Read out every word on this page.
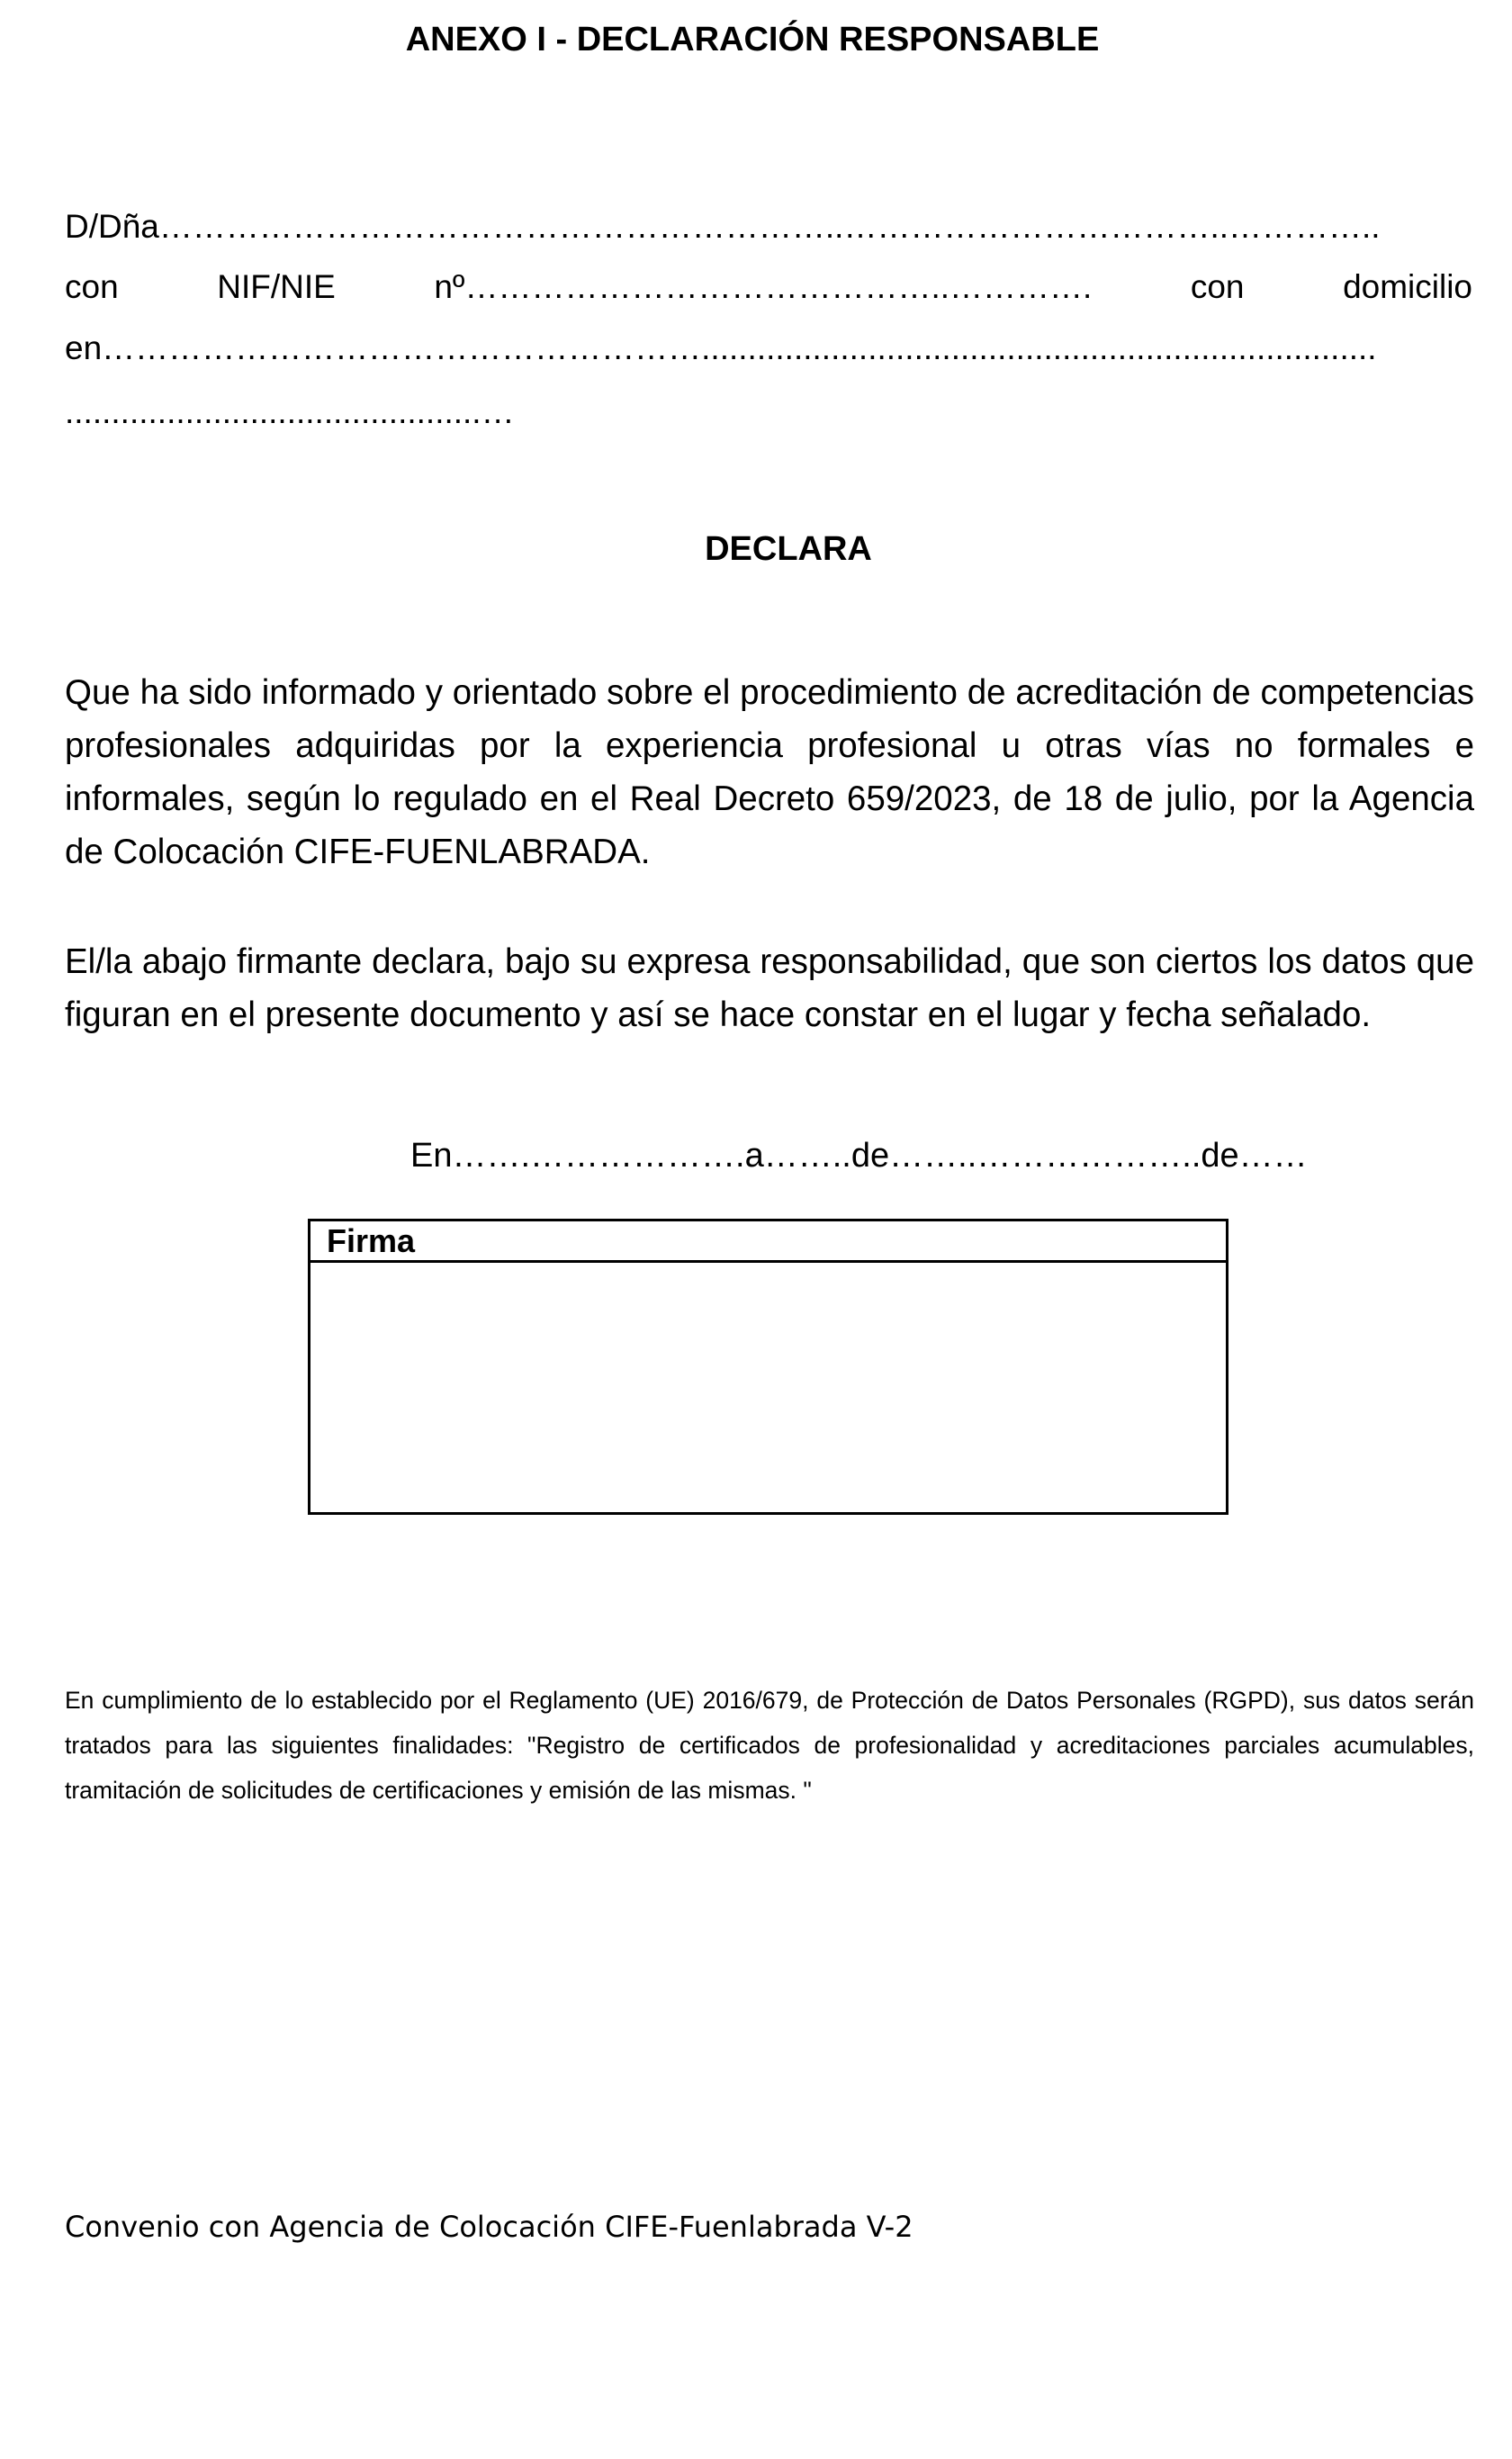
ANEXO I - DECLARACIÓN RESPONSABLE
D/Dña……………………………………………………..……………………………..…………..
con	NIF/NIE	nº……………………………………..………….	con	domicilio
en……………………………………………….........................................................................
.............................................…
DECLARA
Que ha sido informado y orientado sobre el procedimiento de acreditación de competencias profesionales adquiridas por la experiencia profesional u otras vías no formales e informales, según lo regulado en el Real Decreto 659/2023, de 18 de julio, por la Agencia de Colocación CIFE-FUENLABRADA.
El/la abajo firmante declara, bajo su expresa responsabilidad, que son ciertos los datos que figuran en el presente documento y así se hace constar en el lugar y fecha señalado.
En…….……………….a……..de……..………………..de……
Firma
En cumplimiento de lo establecido por el Reglamento (UE) 2016/679, de Protección de Datos Personales (RGPD), sus datos serán tratados para las siguientes finalidades: "Registro de certificados de profesionalidad y acreditaciones parciales acumulables, tramitación de solicitudes de certificaciones y emisión de las mismas. "
Convenio con Agencia de Colocación CIFE-Fuenlabrada V-2
